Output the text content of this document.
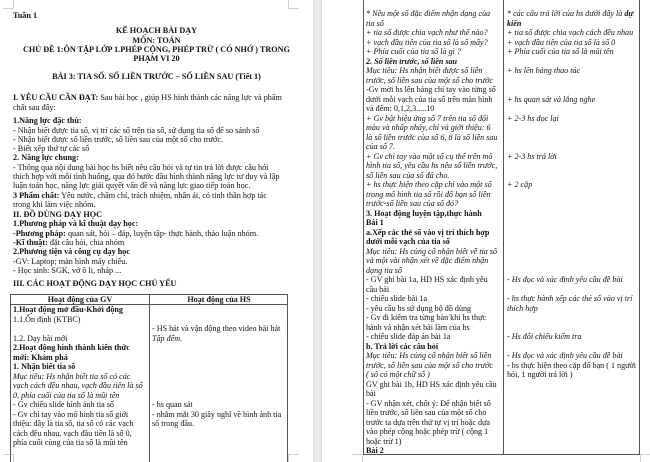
Tuần 1
KẾ HOẠCH BÀI DẠY
MÔN: TOÁN
CHỦ ĐỀ 1:ÔN TẬP LỚP 1.PHÉP CỘNG, PHÉP TRỪ ( CÓ NHỚ ) TRONG
PHẠM VI 20
BÀI 3: TIA SỐ. SỐ LIỀN TRƯỚC – SỐ LIỀN SAU (Tiết 1)
I. YÊU CẦU CẦN ĐẠT: Sau bài học , giúp HS hình thành các năng lực và phẩm
chất sau đây:
1.Năng lực đặc thù:
- Nhận biết được tia số, vị trí các số trên tia số, sử dụng tia số để so sánh số
- Nhận biết được số liền trước, số liền sau của một số cho trước.
- Biết xếp thứ tự các số
2. Năng lực chung:
- Thông qua nội dung bài học hs biết nêu câu hỏi và tự tin trả lời được câu hỏi
thích hợp với mỗi tình huống, qua đó bước đầu hình thành năng lực tư duy và lập
luận toán học, năng lực giải quyết vấn đề và năng lực giao tiếp toán học.
3 Phẩm chất: Yêu nước, chăm chỉ, trách nhiệm, nhân ái, có tinh thần hợp tác
trong khi làm việc nhóm.
II. ĐỒ DÙNG DẠY HỌC
1.Phương pháp và kĩ thuật dạy học:
-Phương pháp: quan sát, hỏi – đáp, luyện tập- thực hành, thảo luận nhóm.
-Kĩ thuật: đặt câu hỏi, chia nhóm
2.Phương tiện và công cụ dạy học
-GV: Laptop; màn hình máy chiếu.
- Học sinh: SGK, vở ô li, nháp ...
III. CÁC HOẠT ĐỘNG DẠY HỌC CHỦ YẾU
Hoạt động của GV	Hoạt động của HS

1.Hoạt động mở đầu-Khởi động

1.1.Ổn định (KTBC)

1.2. Dạy bài mới

2.Hoạt động hình thành kiến thức

mới: Khám phá

1. Nhận biết tia số

Mục tiêu: Hs nhận biết tia số có các

vạch cách đều nhau, vạch đầu tiên là số

0, phía cuối của tia số là mũi tên

- Gv chiếu slide hình ảnh tia số

- Gv chỉ tay vào mô hình tia số giới

thiệu: đây là tia số, tia số có các vạch

cách đều nhau, vạch đầu tiên là số 0,

phía cuối cùng của tia số là mũi tên

- HS hát và vận động theo video bài hát

Tập đếm.

- hs quan sát

- nhắm mắt 30 giây nghĩ về hình ảnh tia

số trong đầu.

* Nêu một số đặc điểm nhận dạng của
tia số
+ tia số được chia vạch như thế nào?
+ vạch đầu tiên của tia số là số mấy?
+ Phía cuối của tia số là gì ?
2. Số liền trước, số liền sau
Mục tiêu: Hs nhận biết được số liền
trước, số liền sau của một số cho trước
-Gv mời hs lên bảng chỉ tay vào từng số
dưới mỗi vạch của tia số trên màn hình
và đếm: 0,1,2,3.....10
+ Gv bật hiệu ứng số 7 trên tia số đổi
màu và nhấp nháy, chỉ và giới thiệu: 6
là số liền trước của số 6, 8 là số liền sau
của số 7.
+ Gv chỉ tay vào một số cụ thể trên mô
hình tia số, yêu cầu hs nêu số liền trước,
số liền sau của số đã cho.
+ hs thực hiện theo cặp chỉ vào một số
trong mô hình tia số rồi đố bạn số liền
trước-số liền sau của số đó?
3. Hoạt động luyện tập,thực hành
Bài 1
a.Xếp các thẻ số vào vị trí thích hợp
dưới mỗi vạch của tia số
Mục tiêu: Hs củng cố nhận biết về tia số
và một vài nhận xét về đặc điểm nhận
dạng tia số
- GV ghi bài 1a, HD HS xác định yêu
cầu bài
- chiếu slide bài 1a
- yêu cầu hs sử dụng bộ đồ dùng
- Gv đi kiểm tra từng bàn khi hs thực
hành và nhận xét bài làm của hs
- chiếu slide đáp án bài 1a
b. Trả lời các câu hỏi
Mục tiêu: Hs củng cố nhận biết số liền
trước, số liền sau của một số cho trước
( số có một chữ số )
GV ghi bài 1b, HD HS xác định yêu cầu
bài
- GV nhận xét, chốt ý: Để nhận biết số
liền trước, số liền sau của một số cho
trước ta dựa trên thứ tự vị trí hoặc dựa
vào phép cộng hoặc phép trừ ( cộng 1
hoặc trừ 1)
Bài 2
* các câu trả lời của hs dưới đây là dự
kiến
+ tia số được chia vạch cách đều nhau
+ vạch đầu tiên của tia số là số 0
+ Phía cuối của tia số là mũi tên
+ hs lên bảng thao tác
+ hs quan sát và lắng nghe
+ 2-3 hs đọc lại
+ 2-3 hs trả lời
+ 2 cặp
- Hs đọc và xác định yêu cầu đề bài
- hs thực hành xếp các thẻ số vào vị trí
thích hợp
- Hs đối chiếu kiểm tra
- Hs đọc và xác định yêu cầu đề bài
- hs thực hiện theo cặp đố bạn ( 1 người
hỏi, 1 người trả lời )
